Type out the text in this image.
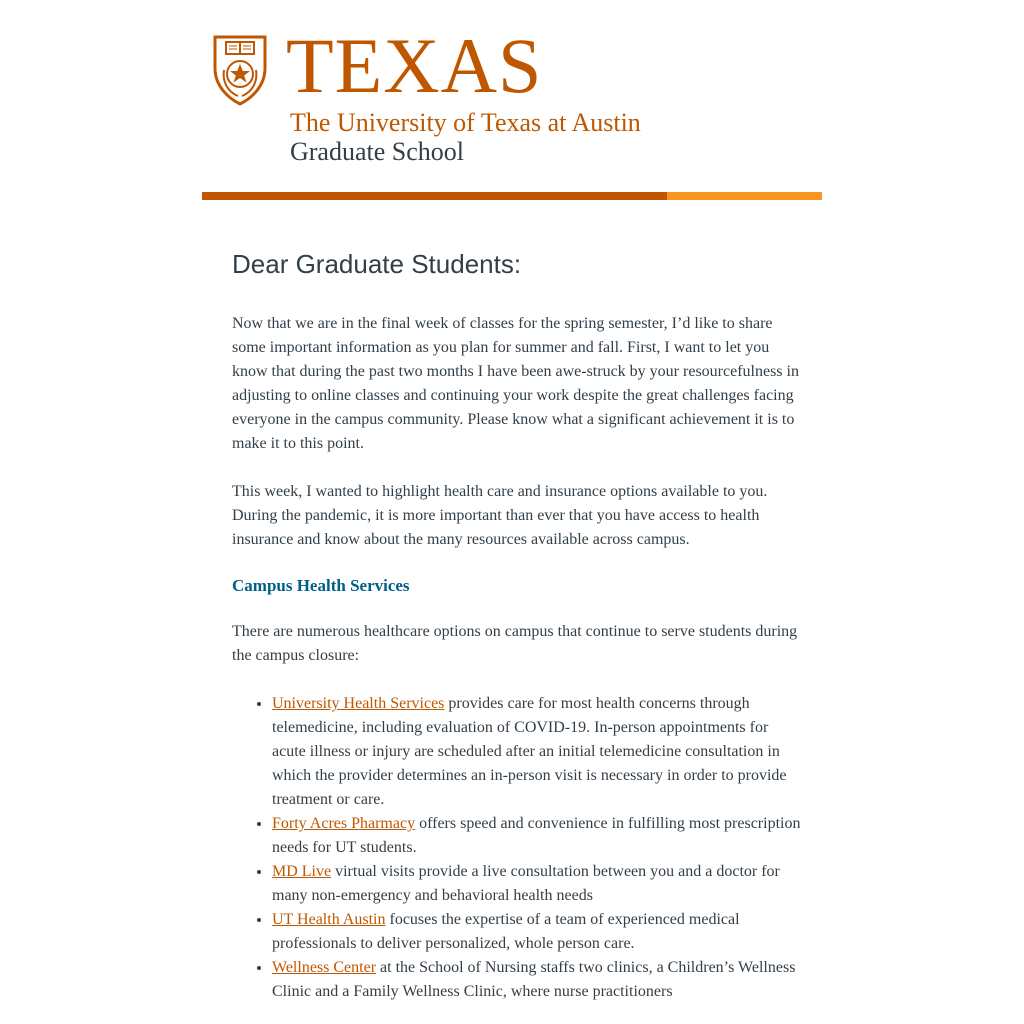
TEXAS
The University of Texas at Austin
Graduate School
Dear Graduate Students:

Now that we are in the final week of classes for the spring semester, I’d like to share some important information as you plan for summer and fall. First, I want to let you know that during the past two months I have been awe-struck by your resourcefulness in adjusting to online classes and continuing your work despite the great challenges facing everyone in the campus community. Please know what a significant achievement it is to make it to this point.

This week, I wanted to highlight health care and insurance options available to you. During the pandemic, it is more important than ever that you have access to health insurance and know about the many resources available across campus.

Campus Health Services

There are numerous healthcare options on campus that continue to serve students during the campus closure:

• University Health Services provides care for most health concerns through telemedicine, including evaluation of COVID-19. In-person appointments for acute illness or injury are scheduled after an initial telemedicine consultation in which the provider determines an in-person visit is necessary in order to provide treatment or care.
• Forty Acres Pharmacy offers speed and convenience in fulfilling most prescription needs for UT students.
• MD Live virtual visits provide a live consultation between you and a doctor for many non-emergency and behavioral health needs
• UT Health Austin focuses the expertise of a team of experienced medical professionals to deliver personalized, whole person care.
• Wellness Center at the School of Nursing staffs two clinics, a Children’s Wellness Clinic and a Family Wellness Clinic, where nurse practitioners
